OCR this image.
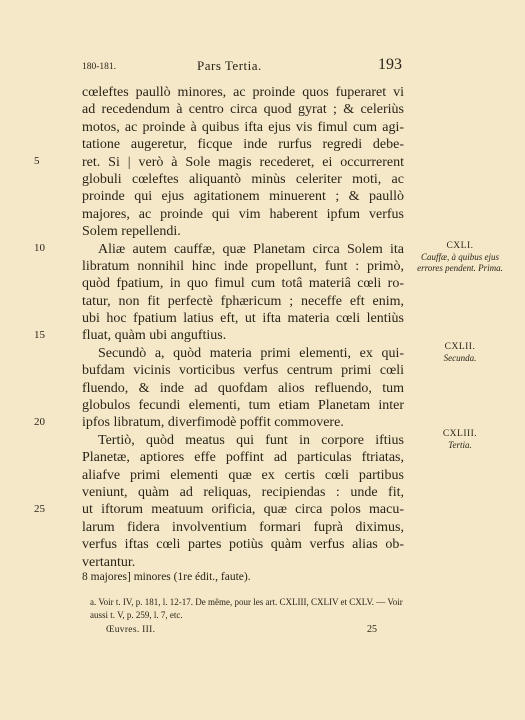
180-181.	Pars Tertia.	193
cœleftes paullò minores, ac proinde quos fuperaret vi
ad recedendum à centro circa quod gyrat ; & celeriùs
motos, ac proinde à quibus ifta ejus vis fimul cum agi-
tatione augeretur, ficque inde rurfus regredi debe-
ret. Si | verò à Sole magis recederet, ei occurrerent
globuli cœleftes aliquantò minùs celeriter moti, ac
proinde qui ejus agitationem minuerent ; & paullò
majores, ac proinde qui vim haberent ipfum verfus
Solem repellendi.
Aliæ autem cauffæ, quæ Planetam circa Solem ita
libratum nonnihil hinc inde propellunt, funt : primò,
quòd fpatium, in quo fimul cum totâ materiâ cœli ro-
tatur, non fit perfectè fphæricum ; neceffe eft enim,
ubi hoc fpatium latius eft, ut ifta materia cœli lentiùs
fluat, quàm ubi anguftius.
Secundò a, quòd materia primi elementi, ex qui-
bufdam vicinis vorticibus verfus centrum primi cœli
fluendo, & inde ad quofdam alios refluendo, tum
globulos fecundi elementi, tum etiam Planetam inter
ipfos libratum, diverfimodè poffit commovere.
Tertiò, quòd meatus qui funt in corpore iftius
Planetæ, aptiores effe poffint ad particulas ftriatas,
aliafve primi elementi quæ ex certis cœli partibus
veniunt, quàm ad reliquas, recipiendas : unde fit,
ut iftorum meatuum orificia, quæ circa polos macu-
larum fidera involventium formari fuprà diximus,
verfus iftas cœli partes potiùs quàm verfus alias ob-
vertantur.
5
10
15
20
25
CXLI.
Cauffæ, à quibus ejus errores pendent. Prima.
CXLII.
Secunda.
CXLIII.
Tertia.
8 majores] minores (1re édit., faute).
a. Voir t. IV, p. 181, l. 12-17. De même, pour les art. CXLIII, CXLIV et CXLV. — Voir aussi t. V, p. 259, l. 7, etc.
Œuvres. III.	25
